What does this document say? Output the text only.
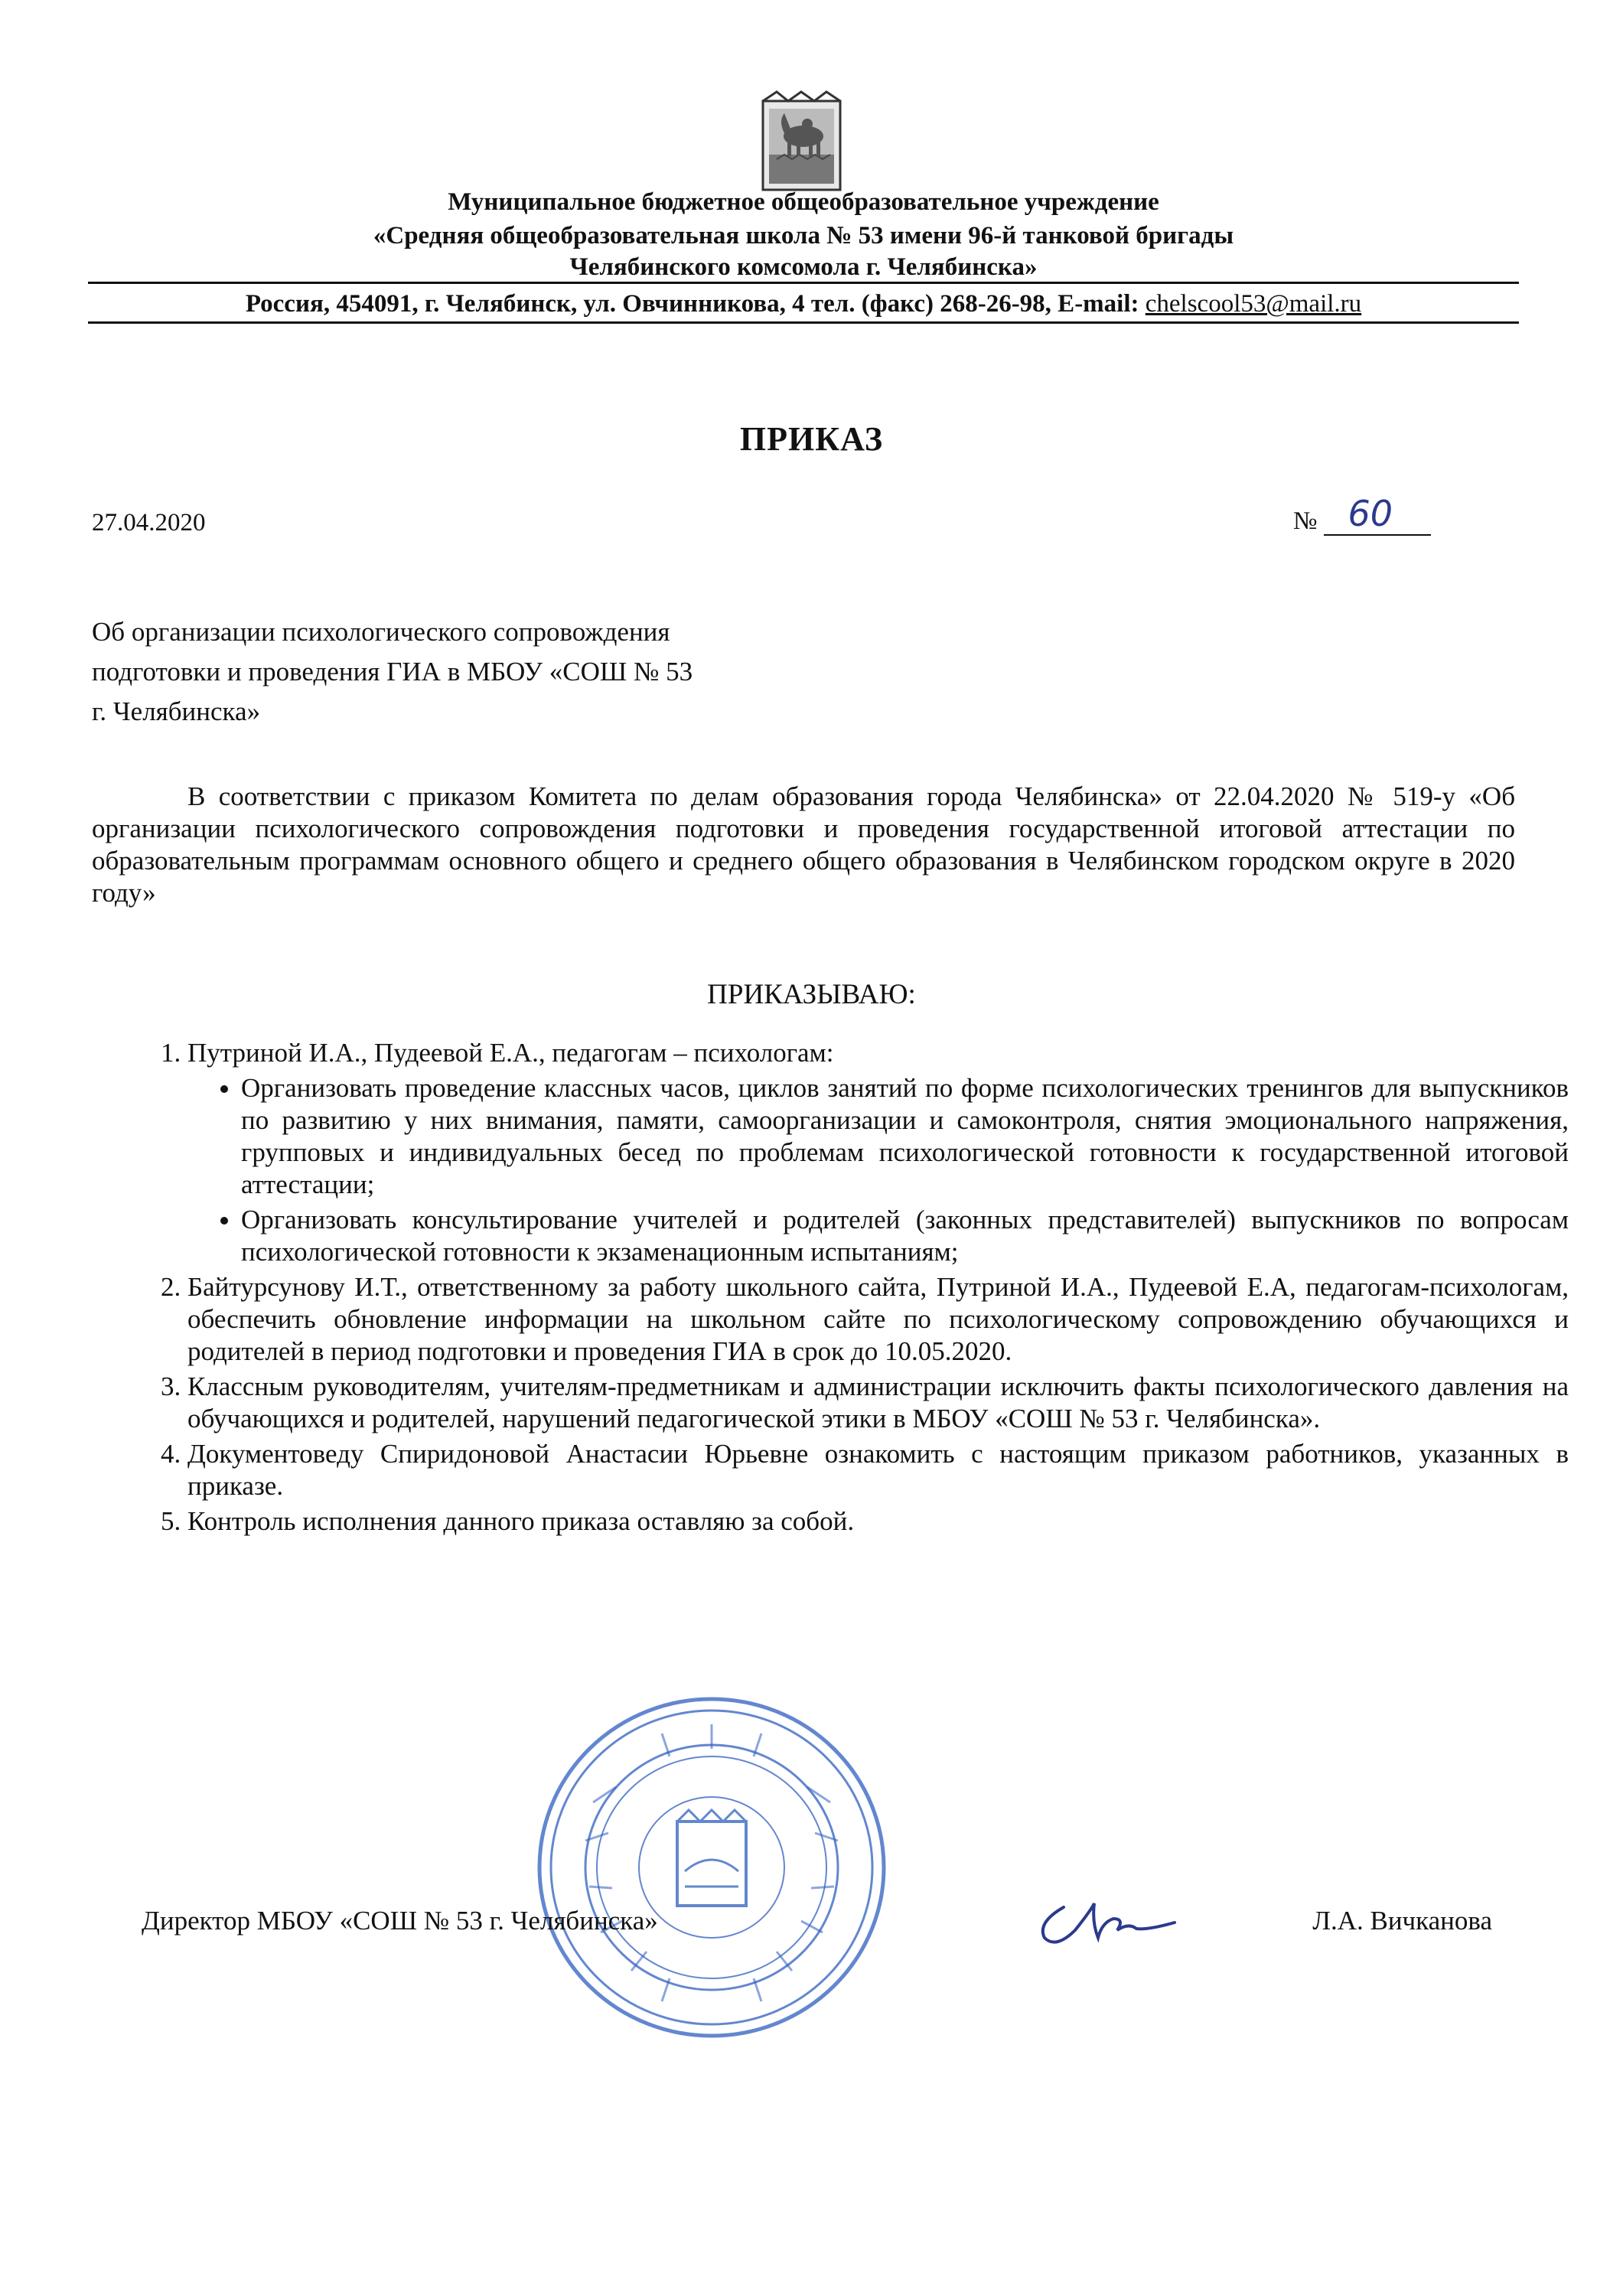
Муниципальное бюджетное общеобразовательное учреждение
«Средняя общеобразовательная школа № 53 имени 96-й танковой бригады
Челябинского комсомола г. Челябинска»
Россия, 454091, г. Челябинск, ул. Овчинникова, 4 тел. (факс) 268-26-98, E-mail: chelscool53@mail.ru
ПРИКАЗ
27.04.2020	№ 60
Об организации психологического сопровождения
подготовки и проведения ГИА в МБОУ «СОШ № 53
г. Челябинска»
В соответствии с приказом Комитета по делам образования города Челябинска» от 22.04.2020 № 519-у «Об организации психологического сопровождения подготовки и проведения государственной итоговой аттестации по образовательным программам основного общего и среднего общего образования в Челябинском городском округе в 2020 году»
ПРИКАЗЫВАЮ:
1. Путриной И.А., Пудеевой Е.А., педагогам – психологам:
• Организовать проведение классных часов, циклов занятий по форме психологических тренингов для выпускников по развитию у них внимания, памяти, самоорганизации и самоконтроля, снятия эмоционального напряжения, групповых и индивидуальных бесед по проблемам психологической готовности к государственной итоговой аттестации;
• Организовать консультирование учителей и родителей (законных представителей) выпускников по вопросам психологической готовности к экзаменационным испытаниям;
2. Байтурсунову И.Т., ответственному за работу школьного сайта, Путриной И.А., Пудеевой Е.А, педагогам-психологам, обеспечить обновление информации на школьном сайте по психологическому сопровождению обучающихся и родителей в период подготовки и проведения ГИА в срок до 10.05.2020.
3. Классным руководителям, учителям-предметникам и администрации исключить факты психологического давления на обучающихся и родителей, нарушений педагогической этики в МБОУ «СОШ № 53 г. Челябинска».
4. Документоведу Спиридоновой Анастасии Юрьевне ознакомить с настоящим приказом работников, указанных в приказе.
5. Контроль исполнения данного приказа оставляю за собой.
Директор МБОУ «СОШ № 53 г. Челябинска»	Л.А. Вичканова
